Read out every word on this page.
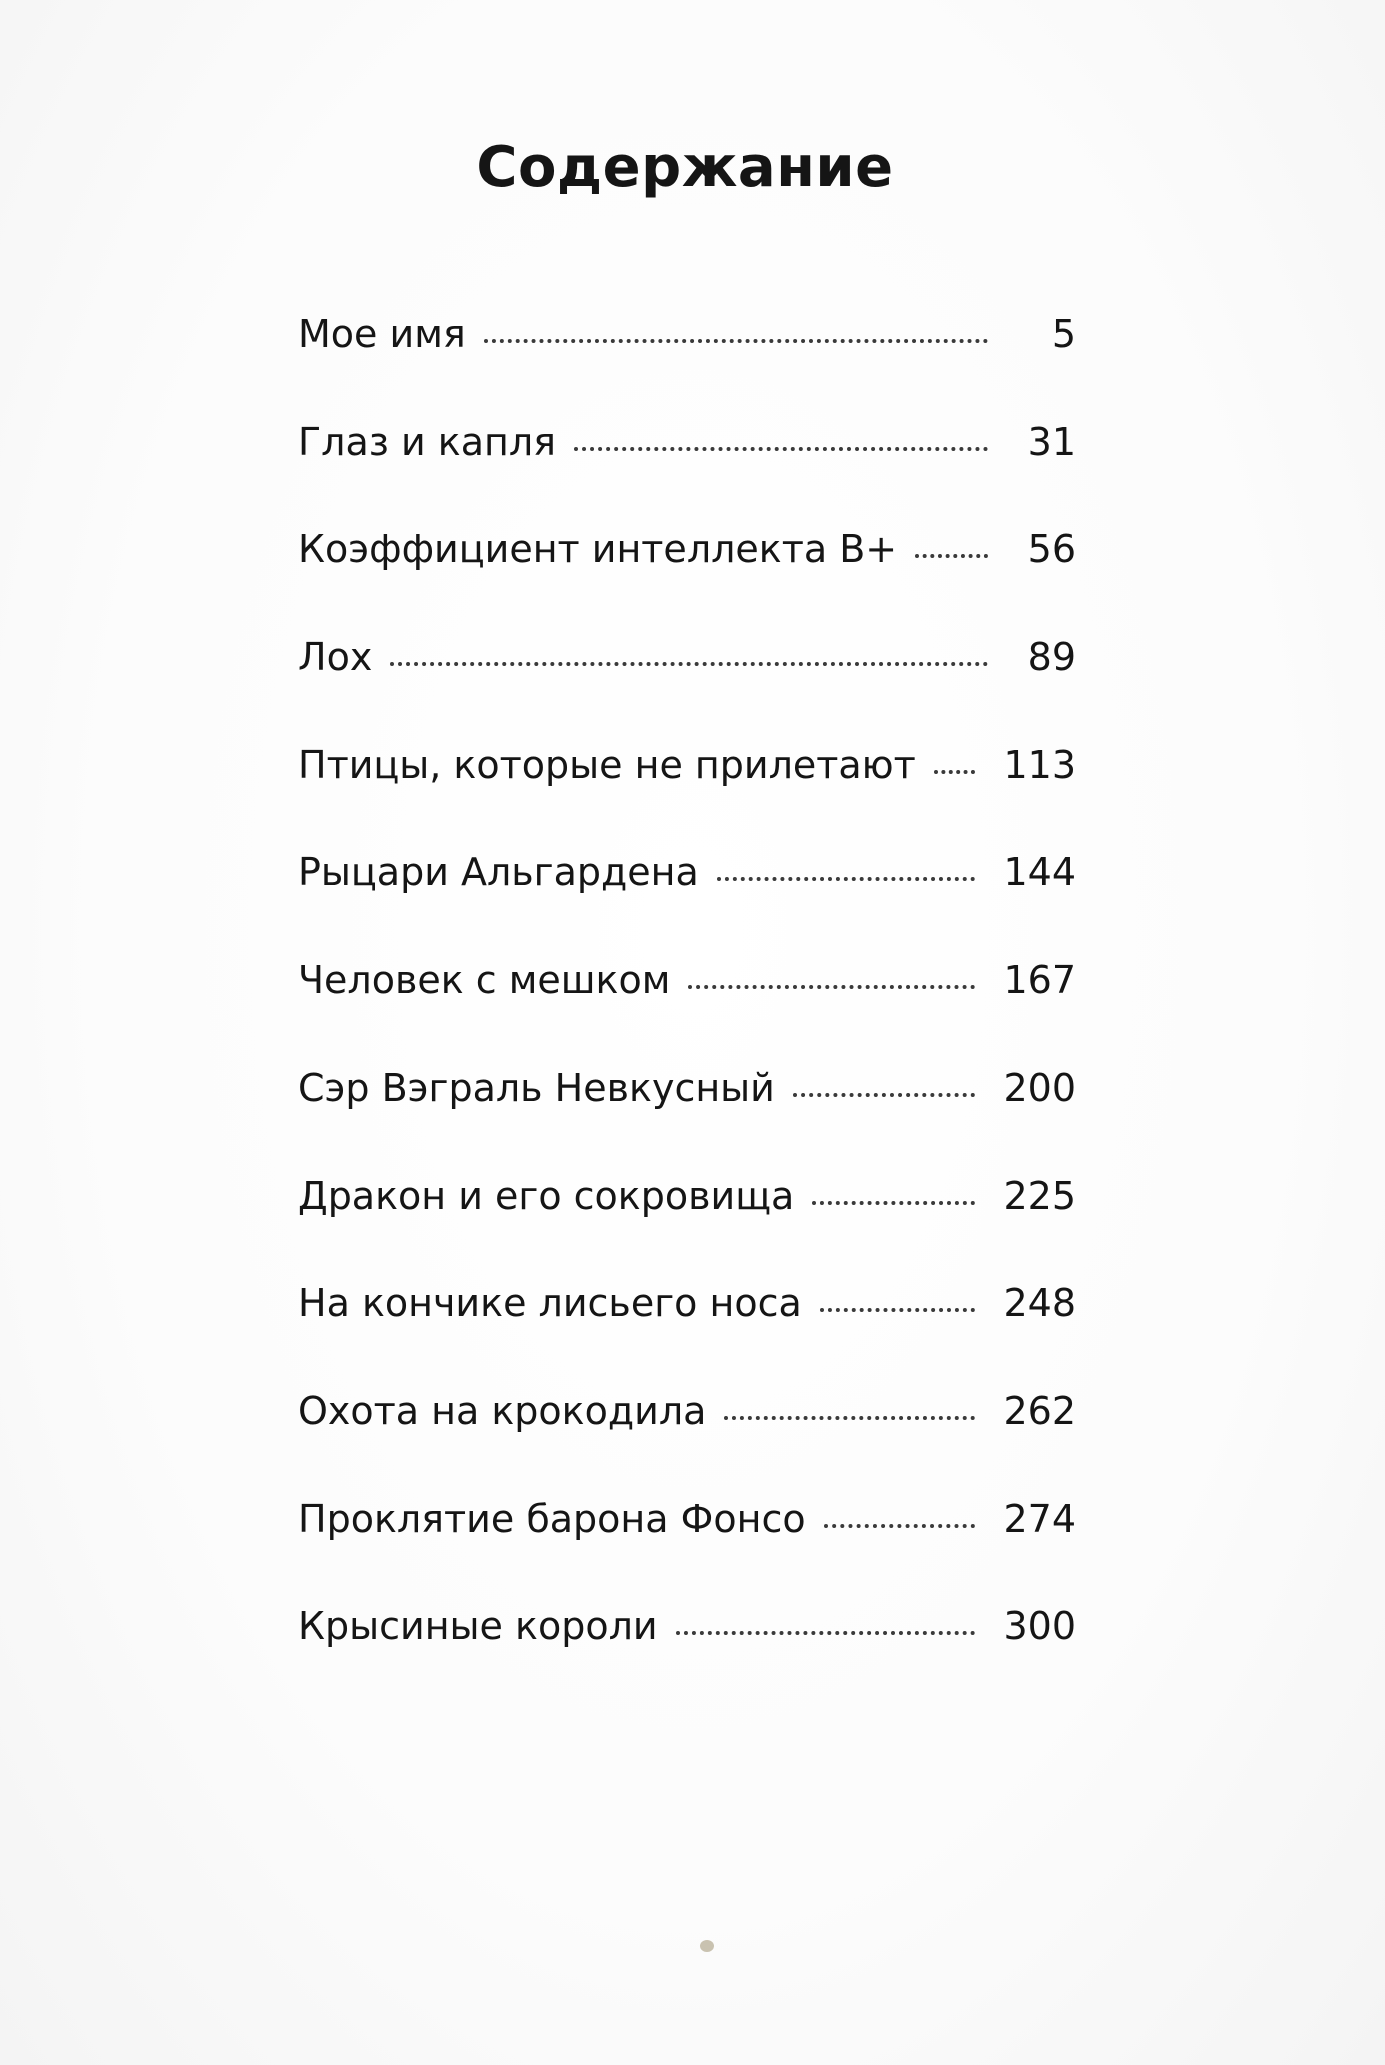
Содержание
Мое имя	5
Глаз и капля	31
Коэффициент интеллекта B+	56
Лох	89
Птицы, которые не прилетают 113
Рыцари Альгардена	144
Человек с мешком	167
Сэр Вэграль Невкусный	200
Дракон и его сокровища	225
На кончике лисьего носа	248
Охота на крокодила	262
Проклятие барона Фонсо	274
Крысиные короли	300
